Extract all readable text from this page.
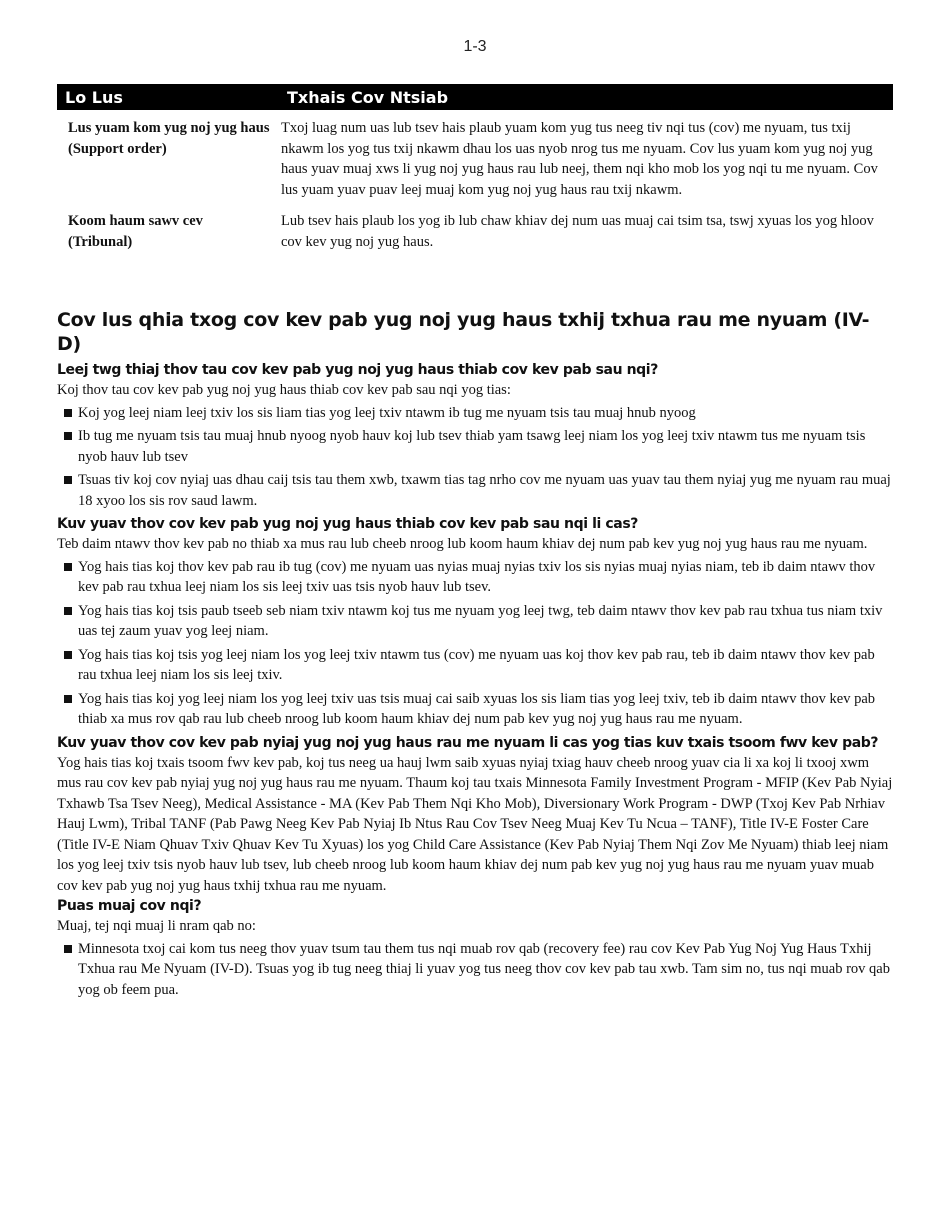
1-3
Lo Lus	Txhais Cov Ntsiab
Lus yuam kom yug noj yug haus (Support order)
Txoj luag num uas lub tsev hais plaub yuam kom yug tus neeg tiv nqi tus (cov) me nyuam, tus txij nkawm los yog tus txij nkawm dhau los uas nyob nrog tus me nyuam. Cov lus yuam kom yug noj yug haus yuav muaj xws li yug noj yug haus rau lub neej, them nqi kho mob los yog nqi tu me nyuam. Cov lus yuam yuav puav leej muaj kom yug noj yug haus rau txij nkawm.
Koom haum sawv cev (Tribunal)
Lub tsev hais plaub los yog ib lub chaw khiav dej num uas muaj cai tsim tsa, tswj xyuas los yog hloov cov kev yug noj yug haus.
Cov lus qhia txog cov kev pab yug noj yug haus txhij txhua rau me nyuam (IV-D)
Leej twg thiaj thov tau cov kev pab yug noj yug haus thiab cov kev pab sau nqi?

Koj thov tau cov kev pab yug noj yug haus thiab cov kev pab sau nqi yog tias:

Koj yog leej niam leej txiv los sis liam tias yog leej txiv ntawm ib tug me nyuam tsis tau muaj hnub nyoog
Ib tug me nyuam tsis tau muaj hnub nyoog nyob hauv koj lub tsev thiab yam tsawg leej niam los yog leej txiv ntawm tus me nyuam tsis nyob hauv lub tsev
Tsuas tiv koj cov nyiaj uas dhau caij tsis tau them xwb, txawm tias tag nrho cov me nyuam uas yuav tau them nyiaj yug me nyuam rau muaj 18 xyoo los sis rov saud lawm.
Kuv yuav thov cov kev pab yug noj yug haus thiab cov kev pab sau nqi li cas?

Teb daim ntawv thov kev pab no thiab xa mus rau lub cheeb nroog lub koom haum khiav dej num pab kev yug noj yug haus rau me nyuam.

Yog hais tias koj thov kev pab rau ib tug (cov) me nyuam uas nyias muaj nyias txiv los sis nyias muaj nyias niam, teb ib daim ntawv thov kev pab rau txhua leej niam los sis leej txiv uas tsis nyob hauv lub tsev.
Yog hais tias koj tsis paub tseeb seb niam txiv ntawm koj tus me nyuam yog leej twg, teb daim ntawv thov kev pab rau txhua tus niam txiv uas tej zaum yuav yog leej niam.
Yog hais tias koj tsis yog leej niam los yog leej txiv ntawm tus (cov) me nyuam uas koj thov kev pab rau, teb ib daim ntawv thov kev pab rau txhua leej niam los sis leej txiv.
Yog hais tias koj yog leej niam los yog leej txiv uas tsis muaj cai saib xyuas los sis liam tias yog leej txiv, teb ib daim ntawv thov kev pab thiab xa mus rov qab rau lub cheeb nroog lub koom haum khiav dej num pab kev yug noj yug haus rau me nyuam.
Kuv yuav thov cov kev pab nyiaj yug noj yug haus rau me nyuam li cas yog tias kuv txais tsoom fwv kev pab?

Yog hais tias koj txais tsoom fwv kev pab, koj tus neeg ua hauj lwm saib xyuas nyiaj txiag hauv cheeb nroog yuav cia li xa koj li txooj xwm mus rau cov kev pab nyiaj yug noj yug haus rau me nyuam. Thaum koj tau txais Minnesota Family Investment Program - MFIP (Kev Pab Nyiaj Txhawb Tsa Tsev Neeg), Medical Assistance - MA (Kev Pab Them Nqi Kho Mob), Diversionary Work Program - DWP (Txoj Kev Pab Nrhiav Hauj Lwm), Tribal TANF (Pab Pawg Neeg Kev Pab Nyiaj Ib Ntus Rau Cov Tsev Neeg Muaj Kev Tu Ncua – TANF), Title IV-E Foster Care (Title IV-E Niam Qhuav Txiv Qhuav Kev Tu Xyuas) los yog Child Care Assistance (Kev Pab Nyiaj Them Nqi Zov Me Nyuam) thiab leej niam los yog leej txiv tsis nyob hauv lub tsev, lub cheeb nroog lub koom haum khiav dej num pab kev yug noj yug haus rau me nyuam yuav muab cov kev pab yug noj yug haus txhij txhua rau me nyuam.

Puas muaj cov nqi?

Muaj, tej nqi muaj li nram qab no:

Minnesota txoj cai kom tus neeg thov yuav tsum tau them tus nqi muab rov qab (recovery fee) rau cov Kev Pab Yug Noj Yug Haus Txhij Txhua rau Me Nyuam (IV-D). Tsuas yog ib tug neeg thiaj li yuav yog tus neeg thov cov kev pab tau xwb. Tam sim no, tus nqi muab rov qab yog ob feem pua.
